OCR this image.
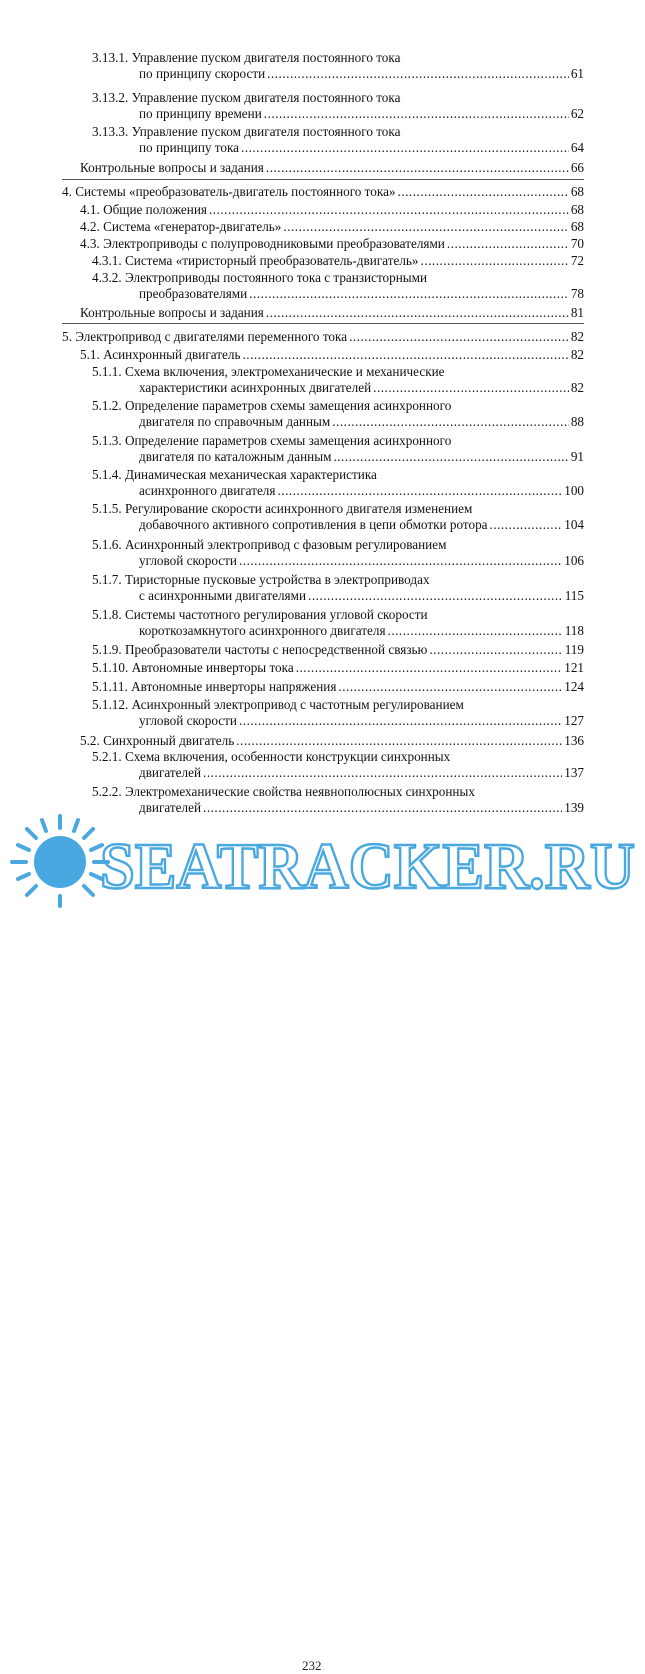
3.13.1. Управление пуском двигателя постоянного тока
по принципу скорости .....	61
3.13.2. Управление пуском двигателя постоянного тока
по принципу времени .....	62
3.13.3. Управление пуском двигателя постоянного тока
по принципу тока .....	64
Контрольные вопросы и задания .....	66
4. Системы «преобразователь-двигатель постоянного тока» .....	68
4.1. Общие положения .....	68
4.2. Система «генератор-двигатель» .....	68
4.3. Электроприводы с полупроводниковыми преобразователями .....	70
4.3.1. Система «тиристорный преобразователь-двигатель» .....	72
4.3.2. Электроприводы постоянного тока с транзисторными
преобразователями .....	78
Контрольные вопросы и задания .....	81
5. Электропривод с двигателями переменного тока .....	82
5.1. Асинхронный двигатель .....	82
5.1.1. Схема включения, электромеханические и механические
характеристики асинхронных двигателей .....	82
5.1.2. Определение параметров схемы замещения асинхронного
двигателя по справочным данным .....	88
5.1.3. Определение параметров схемы замещения асинхронного
двигателя по каталожным данным .....	91
5.1.4. Динамическая механическая характеристика
асинхронного двигателя .....	100
5.1.5. Регулирование скорости асинхронного двигателя изменением
добавочного активного сопротивления в цепи обмотки ротора .....	104
5.1.6. Асинхронный электропривод с фазовым регулированием
угловой скорости .....	106
5.1.7. Тиристорные пусковые устройства в электроприводах
с асинхронными двигателями .....	115
5.1.8. Системы частотного регулирования угловой скорости
короткозамкнутого асинхронного двигателя .....	118
5.1.9. Преобразователи частоты с непосредственной связью .....	119
5.1.10. Автономные инверторы тока .....	121
5.1.11. Автономные инверторы напряжения .....	124
5.1.12. Асинхронный электропривод с частотным регулированием
угловой скорости .....	127
5.2. Синхронный двигатель .....	136
5.2.1. Схема включения, особенности конструкции синхронных
двигателей .....	137
5.2.2. Электромеханические свойства неявнополюсных синхронных
двигателей .....	139
SEATRACKER.RU
232
